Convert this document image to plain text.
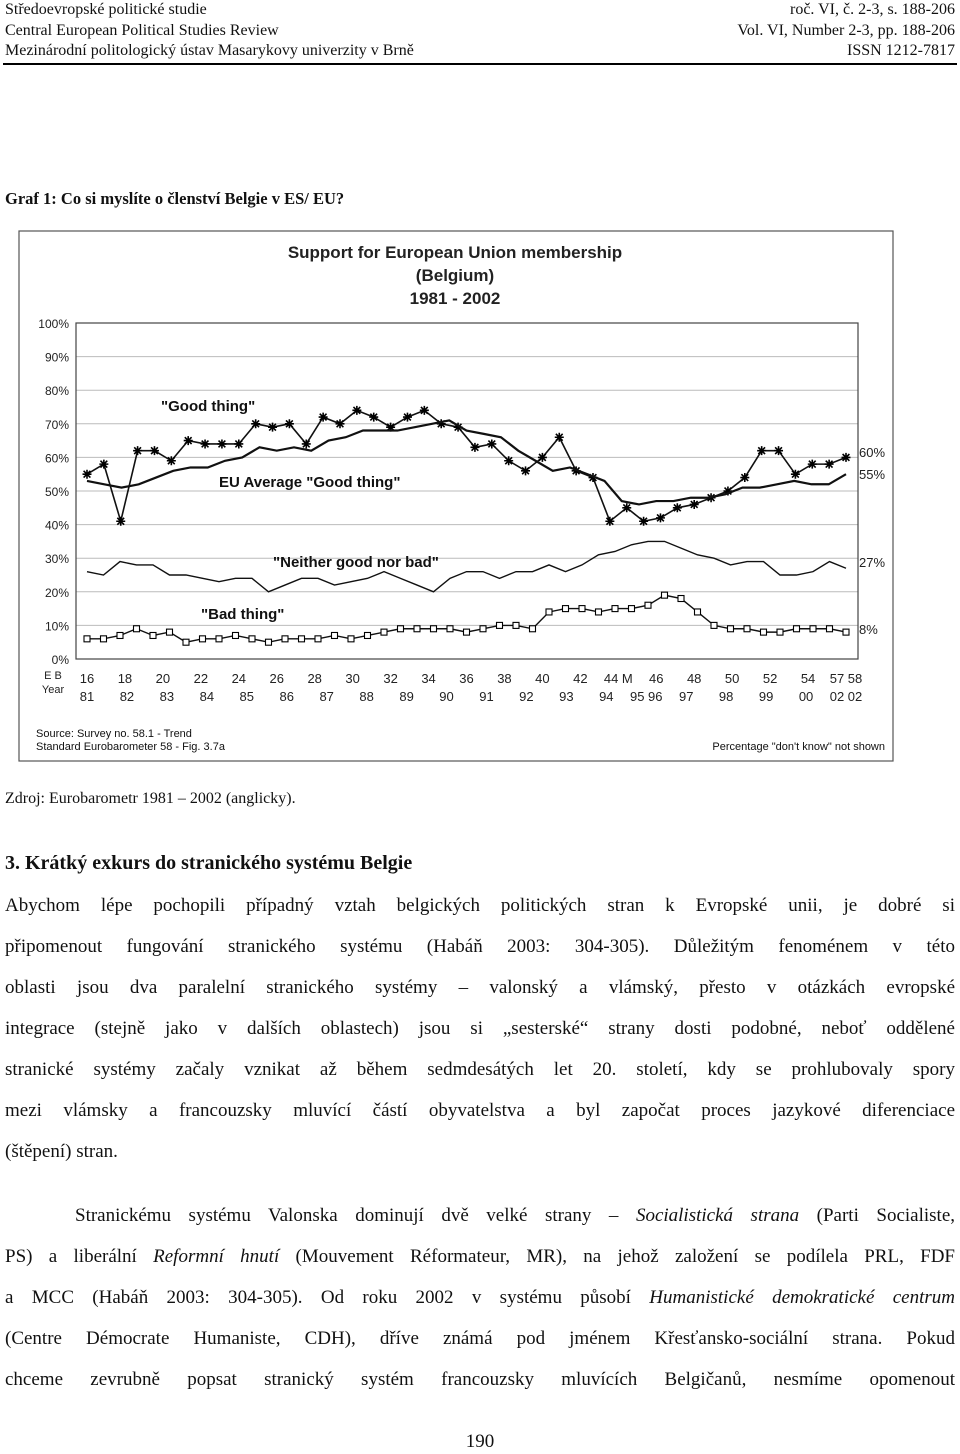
Středoevropské politické studie	roč. VI, č. 2-3, s. 188-206
Central European Political Studies Review	Vol. VI, Number 2-3, pp. 188-206
Mezinárodní politologický ústav Masarykovy univerzity v Brně	ISSN 1212-7817
Graf 1: Co si myslíte o členství Belgie v ES/ EU?
Support for European Union membership
(Belgium)
1981 - 2002
0%
10%
20%
30%
40%
50%
60%
70%
80%
90%
100%
E B
Year
16 18 20 22 24 26 28 30 32 34 36 38 40 42 44 M 46 48 50 52 54 57 58
81 82 83 84 85 86 87 88 89 90 91 92 93 94 95 96 97 98 99 00 02 02
"Good thing"
EU Average "Good thing"
"Neither good nor bad"
"Bad thing"
60%
55%
27%
8%
Source: Survey no. 58.1 - Trend
Standard Eurobarometer 58 - Fig. 3.7a	Percentage "don't know" not shown
Zdroj: Eurobarometr 1981 – 2002 (anglicky).
3. Krátký exkurs do stranického systému Belgie
Abychom lépe pochopili případný vztah belgických politických stran k Evropské unii, je dobré si
připomenout fungování stranického systému (Habáň 2003: 304-305). Důležitým fenoménem v této
oblasti jsou dva paralelní stranického systémy – valonský a vlámský, přesto v otázkách evropské
integrace (stejně jako v dalších oblastech) jsou si „sesterské“ strany dosti podobné, neboť oddělené
stranické systémy začaly vznikat až během sedmdesátých let 20. století, kdy se prohlubovaly spory
mezi vlámsky a francouzsky mluvící částí obyvatelstva a byl započat proces jazykové diferenciace
(štěpení) stran.
Stranickému systému Valonska dominují dvě velké strany – Socialistická strana (Parti Socialiste,
PS) a liberální Reformní hnutí (Mouvement Réformateur, MR), na jehož založení se podílela PRL, FDF
a MCC (Habáň 2003: 304-305). Od roku 2002 v systému působí Humanistické demokratické centrum
(Centre Démocrate Humaniste, CDH), dříve známá pod jménem Křesťansko-sociální strana. Pokud
chceme zevrubně popsat stranický systém francouzsky mluvících Belgičanů, nesmíme opomenout
190
